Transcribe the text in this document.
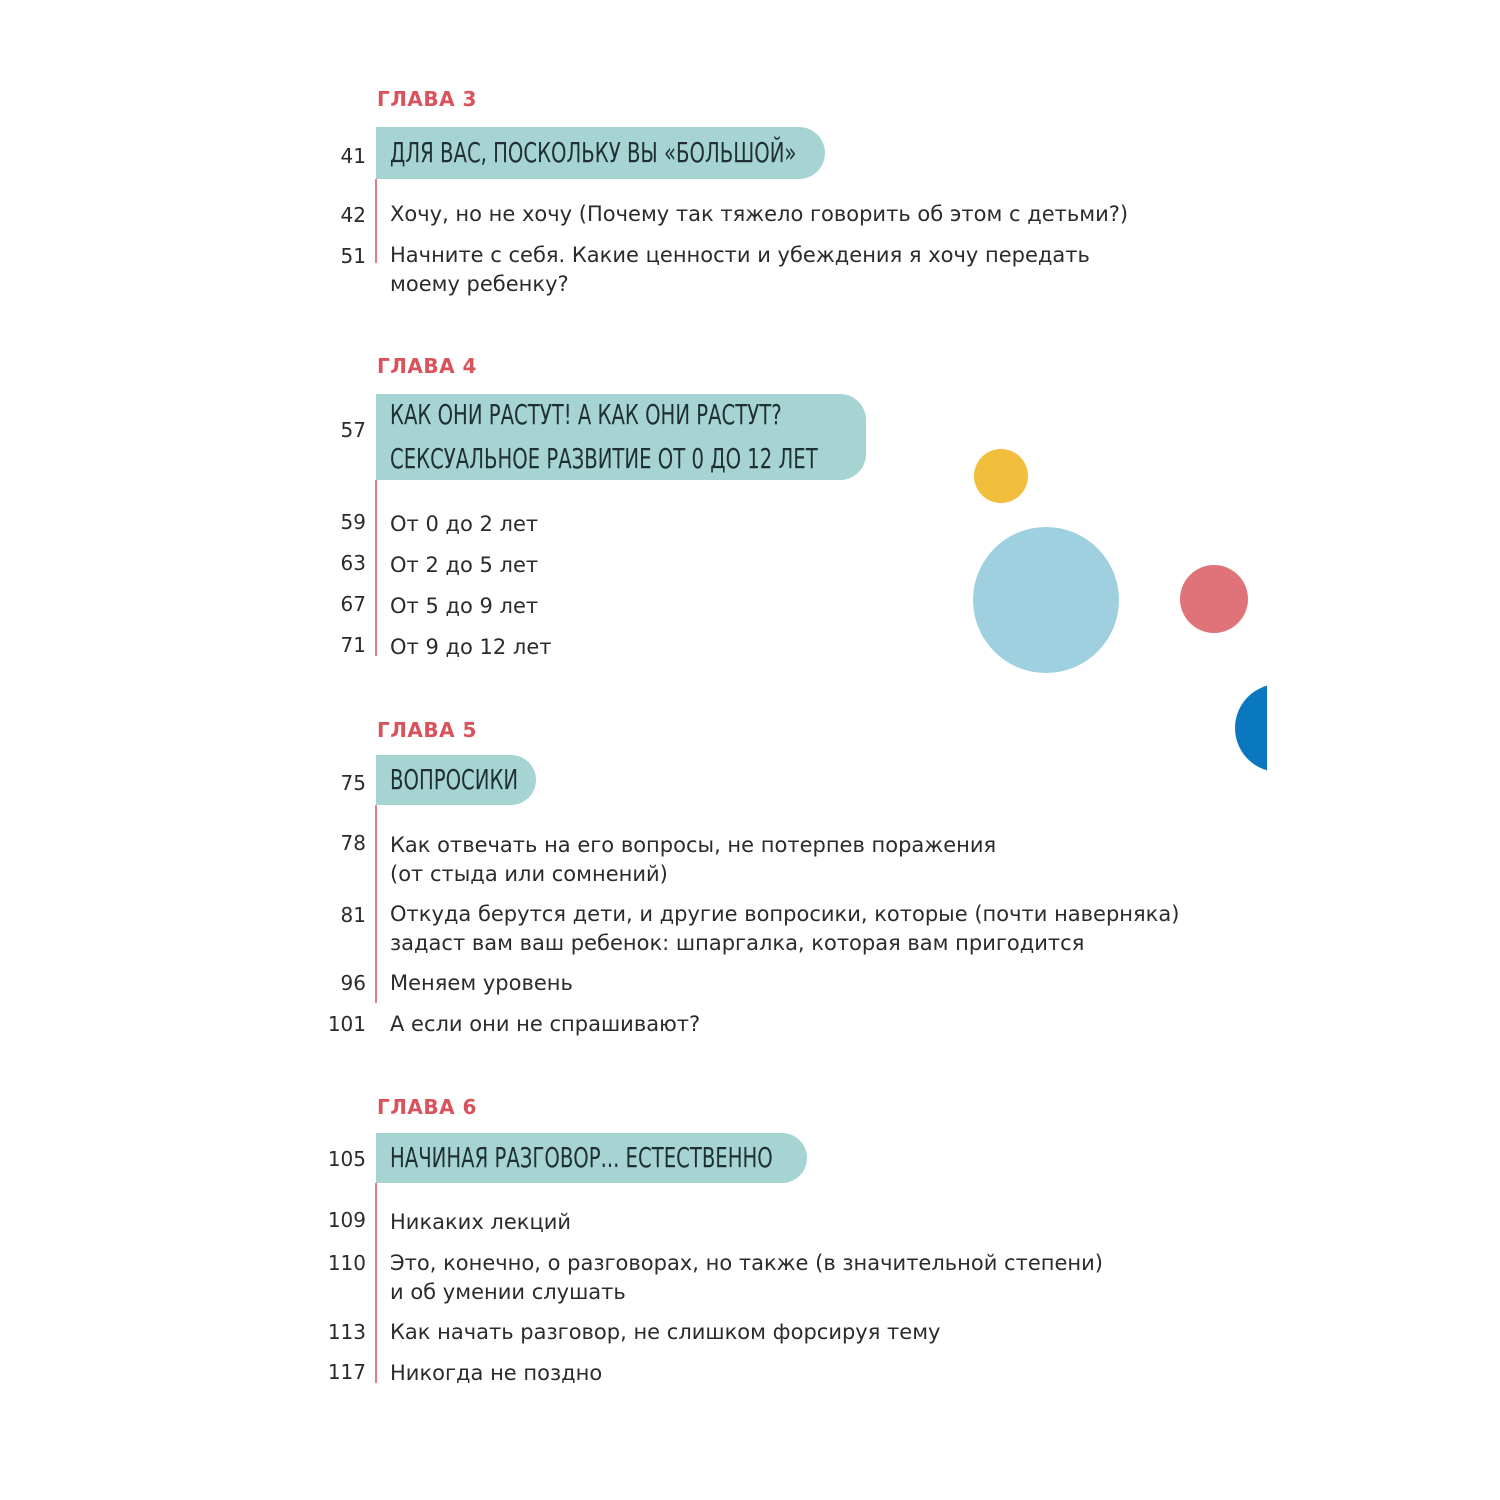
ГЛАВА 3
41 ДЛЯ ВАС, ПОСКОЛЬКУ ВЫ «БОЛЬШОЙ»
42 Хочу, но не хочу (Почему так тяжело говорить об этом с детьми?)
51 Начните с себя. Какие ценности и убеждения я хочу передать
моему ребенку?
ГЛАВА 4
57 КАК ОНИ РАСТУТ! А КАК ОНИ РАСТУТ?
СЕКСУАЛЬНОЕ РАЗВИТИЕ ОТ 0 ДО 12 ЛЕТ
59 От 0 до 2 лет
63 От 2 до 5 лет
67 От 5 до 9 лет
71 От 9 до 12 лет
ГЛАВА 5
75 ВОПРОСИКИ
78 Как отвечать на его вопросы, не потерпев поражения
(от стыда или сомнений)
81 Откуда берутся дети, и другие вопросики, которые (почти наверняка)
задаст вам ваш ребенок: шпаргалка, которая вам пригодится
96 Меняем уровень
101 А если они не спрашивают?
ГЛАВА 6
105 НАЧИНАЯ РАЗГОВОР... ЕСТЕСТВЕННО
109 Никаких лекций
110 Это, конечно, о разговорах, но также (в значительной степени)
и об умении слушать
113 Как начать разговор, не слишком форсируя тему
117 Никогда не поздно
